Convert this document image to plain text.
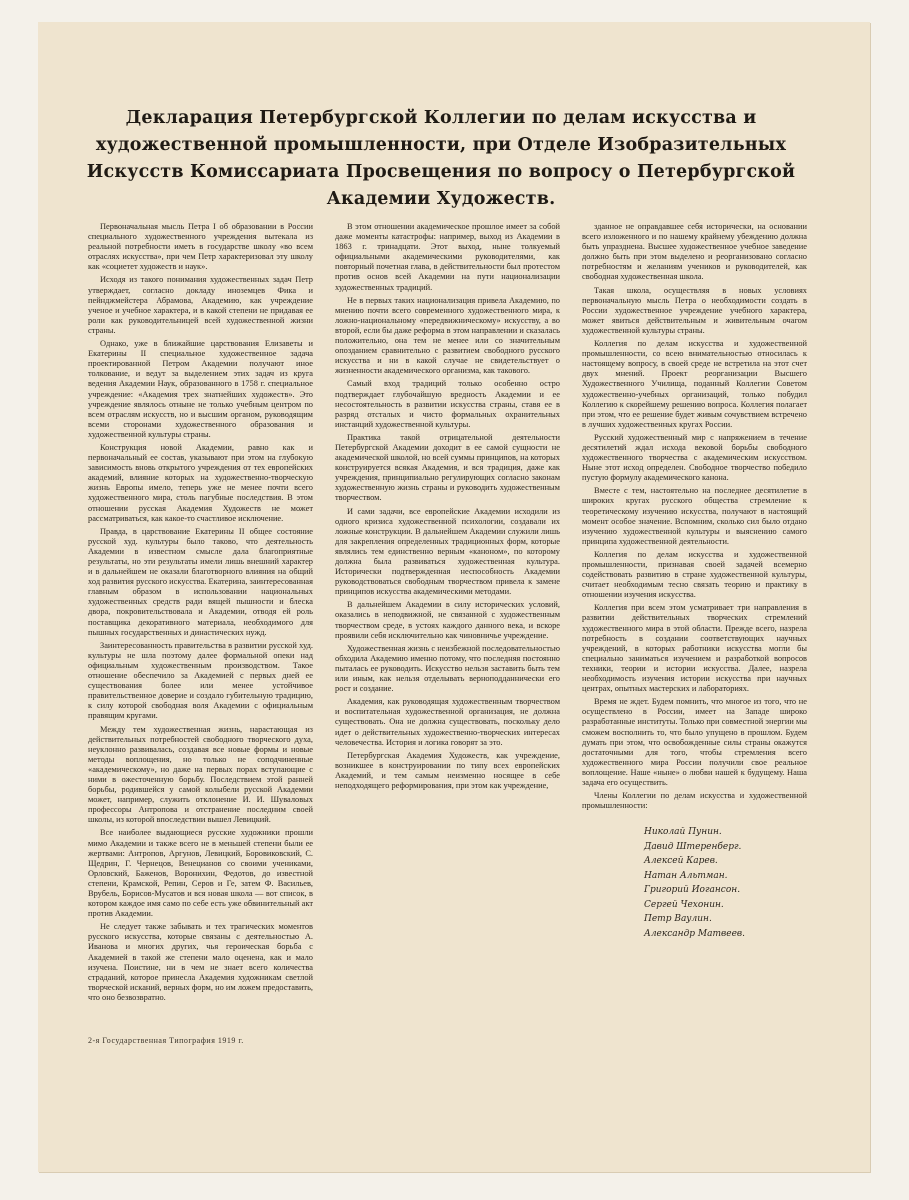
Декларация Петербургской Коллегии по делам искусства и художественной промышленности, при Отделе Изобразительных Искусств Комиссариата Просвещения по вопросу о Петербургской Академии Художеств.

Первоначальная мысль Петра I об образовании в России специального художественного учреждения вытекала из реальной потребности иметь в государстве школу «во всем отраслях искусства», при чем Петр характеризовал эту школу как «социетет художеств и наук».

Исходя из такого понимания художественных задач Петр утверждает, согласно докладу иноземцев Фика и пейнджмейстера Абрамова, Академию, как учреждение ученое и учебное характера, и в какой степени не придавая ее роли как руководительницей всей художественной жизни страны.

Однако, уже в ближайшие царствования Елизаветы и Екатерины II специальное художественное задача проектированной Петром Академии получают иное толкование, и ведут за выделением этих задач из круга ведения Академии Наук, образованного в 1758 г. специальное учреждение: «Академия трех знатнейших художеств». Это учреждение являлось отныне не только учебным центром по всем отраслям искусств, но и высшим органом, руководящим всеми сторонами художественного образования и художественной культуры страны.

Конструкция новой Академии, равно как и первоначальный ее состав, указывают при этом на глубокую зависимость вновь открытого учреждения от тех европейских академий, влияние которых на художественно-творческую жизнь Европы имело, теперь уже не менее почти всего художественного мира, столь пагубные последствия. В этом отношении русская Академия Художеств не может рассматриваться, как какое-то счастливое исключение.

Правда, в царствование Екатерины II общее состояние русской худ. культуры было таково, что деятельность Академии в известном смысле дала благоприятные результаты, но эти результаты имели лишь внешний характер и в дальнейшем не оказали благотворного влияния на общий ход развития русского искусства. Екатерина, заинтересованная главным образом в использовании национальных художественных средств ради вящей пышности и блеска двора, покровительствовала и Академии, отводя ей роль поставщика декоративного материала, необходимого для пышных государственных и династических нужд.

Заинтересованность правительства в развитии русской худ. культуры не шла поэтому далее формальной опеки над официальным художественным производством. Такое отношение обеспечило за Академией с первых дней ее существования более или менее устойчивое правительственное доверие и создало губительную традицию, к силу которой свободная воля Академии с официальным правящим кругами.

Между тем художественная жизнь, нарастающая из действительных потребностей свободного творческого духа, неуклонно развивалась, создавая все новые формы и новые методы воплощения, но только не соподчиненные «академическому», но даже на первых порах вступающие с ними в ожесточенную борьбу. Последствием этой ранней борьбы, родившейся у самой колыбели русской Академии может, например, служить отклонение И. И. Шуваловых профессоры Антропова и отстранение последним своей школы, из которой впоследствии вышел Левицкий.

Все наиболее выдающиеся русские художники прошли мимо Академии и также всего не в меньшей степени были ее жертвами: Антропов, Аргунов, Левицкий, Боровиковский, С. Щедрин, Г. Чернецов, Венецианов со своими учениками, Орловский, Баженов, Воронихин, Федотов, до известной степени, Крамской, Репин, Серов и Ге, затем Ф. Васильев, Врубель, Борисов-Мусатов и вся новая школа — вот список, в котором каждое имя само по себе есть уже обвинительный акт против Академии.

Не следует также забывать и тех трагических моментов русского искусства, которые связаны с деятельностью А. Иванова и многих других, чья героическая борьба с Академией в такой же степени мало оценена, как и мало изучена. Поистине, ни в чем не знает всего количества страданий, которое принесла Академия художникам светлой творческой исканий, верных форм, но им ложем предоставить, что оно безвозвратно.

В этом отношении академическое прошлое имеет за собой даже моменты катастрофы: например, выход из Академии в 1863 г. тринадцати. Этот выход, ныне толкуемый официальными академическими руководителями, как повторный почетная глава, в действительности был протестом против основ всей Академии на пути национализации художественных традиций.

Не в первых таких национализация привела Академию, по мнению почти всего современного художественного мира, к ложно-национальному «передвижническому» искусству, а во второй, если бы даже реформа в этом направлении и сказалась положительно, она тем не менее или со значительным опозданием сравнительно с развитием свободного русского искусства и ни в какой случае не свидетельствует о жизненности академического организма, как такового.

Самый вход традиций только особенно остро подтверждает глубочайшую вредность Академии и ее несостоятельность в развитии искусства страны, ставя ее в разряд отсталых и чисто формальных охранительных инстанций художественной культуры.

Практика такой отрицательной деятельности Петербургской Академии доходит в ее самой сущности не академической школой, но всей суммы принципов, на которых конструируется всякая Академия, и вся традиция, даже как учреждения, принципиально регулирующих согласно законам художественную жизнь страны и руководить художественным творчеством.

И сами задачи, все европейские Академии исходили из одного кризиса художественной психологии, создавали их ложные конструкции. В дальнейшем Академии служили лишь для закрепления определенных традиционных форм, которые являлись тем единственно верным «каноном», по которому должна была развиваться художественная культура. Исторически подтвержденная неспособность Академии руководствоваться свободным творчеством привела к замене принципов искусства академическими методами.

В дальнейшем Академии в силу исторических условий, оказались в неподвижной, не связанной с художественным творчеством среде, в устоях каждого данного века, и вскоре проявили себя исключительно как чиновничье учреждение.

Художественная жизнь с неизбежной последовательностью обходила Академию именно потому, что последняя постоянно пыталась ее руководить. Искусство нельзя заставить быть тем или иным, как нельзя отделывать верноподданнически его рост и создание.

Академия, как руководящая художественным творчеством и воспитательная художественной организация, не должна существовать. Она не должна существовать, поскольку дело идет о действительных художественно-творческих интересах человечества. История и логика говорят за это.

Петербургская Академия Художеств, как учреждение, возникшее в конструировании по типу всех европейских Академий, и тем самым неизменно носящее в себе неподходящего реформирования, при этом как учреждение,

зданное не оправдавшее себя исторически, на основании всего изложенного и по нашему крайнему убеждению должна быть упразднена. Высшее художественное учебное заведение должно быть при этом выделено и реорганизовано согласно потребностям и желаниям учеников и руководителей, как свободная художественная школа.

Такая школа, осуществляя в новых условиях первоначальную мысль Петра о необходимости создать в России художественное учреждение учебного характера, может явиться действительным и живительным очагом художественной культуры страны.

Коллегия по делам искусства и художественной промышленности, со всею внимательностью относилась к настоящему вопросу, в своей среде не встретила на этот счет двух мнений. Проект реорганизации Высшего Художественного Училища, поданный Коллегии Советом художественно-учебных организаций, только побудил Коллегию к скорейшему решению вопроса. Коллегия полагает при этом, что ее решение будет живым сочувствием встречено в лучших художественных кругах России.

Русский художественный мир с напряжением в течение десятилетий ждал исхода вековой борьбы свободного художественного творчества с академическим искусством. Ныне этот исход определен. Свободное творчество победило пустую формулу академического канона.

Вместе с тем, настоятельно на последнее десятилетие в широких кругах русского общества стремление к теоретическому изучению искусства, получают в настоящий момент особое значение. Вспомним, сколько сил было отдано изучению художественной культуры и выяснению самого принципа художественной деятельности.

Коллегия по делам искусства и художественной промышленности, признавая своей задачей всемерно содействовать развитию в стране художественной культуры, считает необходимым тесно связать теорию и практику в отношении изучения искусства.

Коллегия при всем этом усматривает три направления в развитии действительных творческих стремлений художественного мира в этой области. Прежде всего, назрела потребность в создании соответствующих научных учреждений, в которых работники искусства могли бы специально заниматься изучением и разработкой вопросов техники, теории и истории искусства. Далее, назрела необходимость изучения истории искусства при научных центрах, опытных мастерских и лабораториях.

Время не ждет. Будем помнить, что многое из того, что не осуществлено в России, имеет на Западе широко разработанные институты. Только при совместной энергии мы сможем восполнить то, что было упущено в прошлом. Будем думать при этом, что освобожденные силы страны окажутся достаточными для того, чтобы стремления всего художественного мира России получили свое реальное воплощение. Наше «ныне» о любви нашей к будущему. Наша задача его осуществить.

Члены Коллегии по делам искусства и художественной промышленности:

Николай Пунин.
Давид Штеренберг.
Алексей Карев.
Натан Альтман.
Григорий Иогансон.
Сергей Чехонин.
Петр Ваулин.
Александр Матвеев.
2-я Государственная Типография 1919 г.
